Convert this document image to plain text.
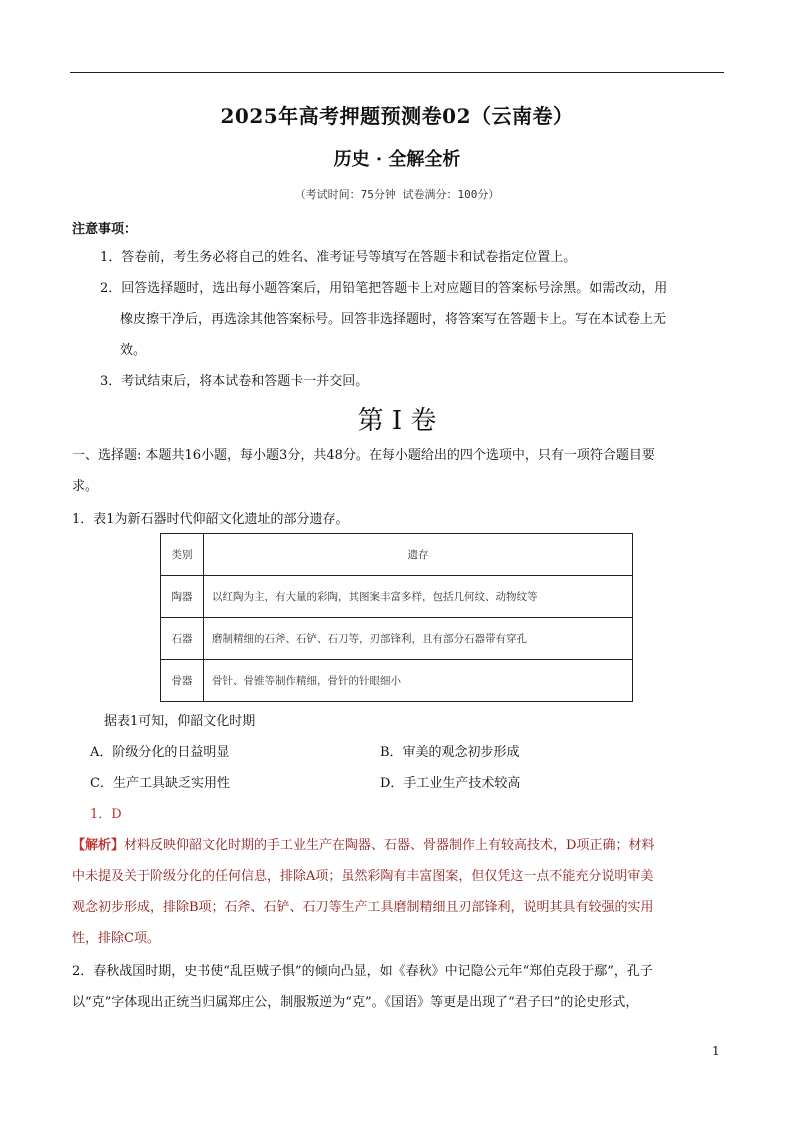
2025年高考押题预测卷02（云南卷）
历史 · 全解全析
（考试时间：75分钟 试卷满分：100分）
注意事项：
1．答卷前，考生务必将自己的姓名、准考证号等填写在答题卡和试卷指定位置上。
2．回答选择题时，选出每小题答案后，用铅笔把答题卡上对应题目的答案标号涂黑。如需改动，用
橡皮擦干净后，再选涂其他答案标号。回答非选择题时，将答案写在答题卡上。写在本试卷上无
效。
3．考试结束后，将本试卷和答题卡一并交回。
第 I 卷
一、选择题: 本题共16小题，每小题3分，共48分。在每小题给出的四个选项中，只有一项符合题目要
求。
1．表1为新石器时代仰韶文化遗址的部分遗存。
类别	遗存
陶器	以红陶为主，有大量的彩陶，其图案丰富多样，包括几何纹、动物纹等
石器	磨制精细的石斧、石铲、石刀等，刃部锋利，且有部分石器带有穿孔
骨器	骨针、骨锥等制作精细，骨针的针眼细小
据表1可知，仰韶文化时期
A．阶级分化的日益明显	B．审美的观念初步形成
C．生产工具缺乏实用性	D．手工业生产技术较高
1．D
【解析】材料反映仰韶文化时期的手工业生产在陶器、石器、骨器制作上有较高技术，D项正确；材料
中未提及关于阶级分化的任何信息，排除A项；虽然彩陶有丰富图案，但仅凭这一点不能充分说明审美
观念初步形成，排除B项；石斧、石铲、石刀等生产工具磨制精细且刃部锋利，说明其具有较强的实用
性，排除C项。
2．春秋战国时期，史书使“乱臣贼子惧”的倾向凸显，如《春秋》中记隐公元年“郑伯克段于鄢”，孔子
以“克”字体现出正统当归属郑庄公，制服叛逆为“克”。《国语》等更是出现了“君子曰”的论史形式，
1
